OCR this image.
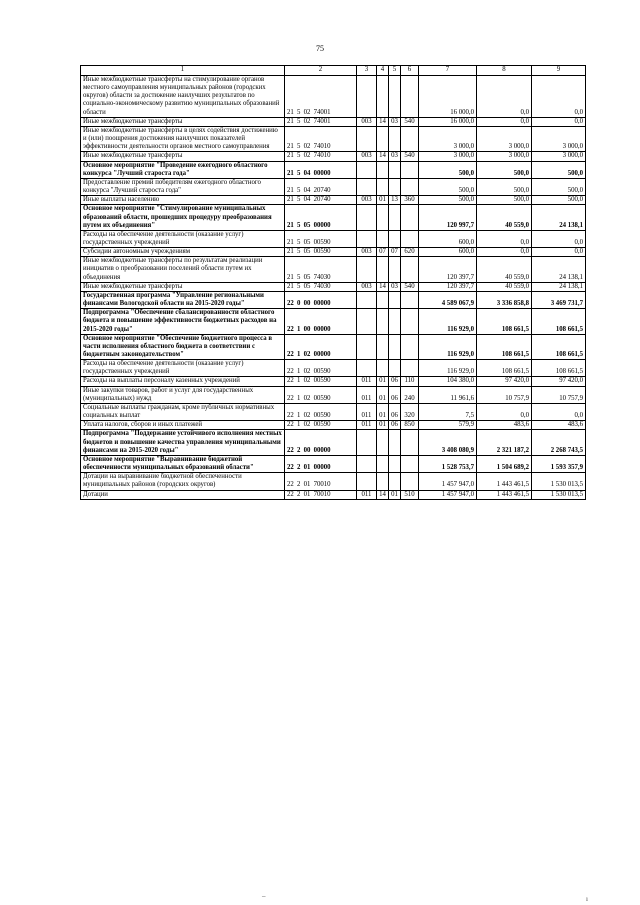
75
1	2	3	4	5	6	7	8	9
Иные межбюджетные трансферты на стимулирование органов местного самоуправления муниципальных районов (городских округов) области за достижение наилучших результатов по социально-экономическому развитию муниципальных образований области	21 5 02 74001					16 000,0	0,0	0,0
Иные межбюджетные трансферты	21 5 02 74001	003	14	03	540	16 000,0	0,0	0,0
Иные межбюджетные трансферты в целях содействия достижению и (или) поощрения достижения наилучших показателей эффективности деятельности органов местного самоуправления	21 5 02 74010					3 000,0	3 000,0	3 000,0
Иные межбюджетные трансферты	21 5 02 74010	003	14	03	540	3 000,0	3 000,0	3 000,0
Основное мероприятие "Проведение ежегодного областного конкурса "Лучший староста года"	21 5 04 00000					500,0	500,0	500,0
Предоставление премий победителям ежегодного областного конкурса "Лучший староста года"	21 5 04 20740					500,0	500,0	500,0
Иные выплаты населению	21 5 04 20740	003	01	13	360	500,0	500,0	500,0
Основное мероприятие "Стимулирование муниципальных образований области, прошедших процедуру преобразования путем их объединения"	21 5 05 00000					120 997,7	40 559,0	24 138,1
Расходы на обеспечение деятельности (оказание услуг) государственных учреждений	21 5 05 00590					600,0	0,0	0,0
Субсидии автономным учреждениям	21 5 05 00590	003	07	07	620	600,0	0,0	0,0
Иные межбюджетные трансферты по результатам реализации инициатив о преобразовании поселений области путем их объединения	21 5 05 74030					120 397,7	40 559,0	24 138,1
Иные межбюджетные трансферты	21 5 05 74030	003	14	03	540	120 397,7	40 559,0	24 138,1
Государственная программа "Управление региональными финансами Вологодской области на 2015-2020 годы"	22 0 00 00000					4 589 067,9	3 336 858,8	3 469 731,7
Подпрограмма "Обеспечение сбалансированности областного бюджета и повышение эффективности бюджетных расходов на 2015-2020 годы"	22 1 00 00000					116 929,0	108 661,5	108 661,5
Основное мероприятие "Обеспечение бюджетного процесса в части исполнения областного бюджета в соответствии с бюджетным законодательством"	22 1 02 00000					116 929,0	108 661,5	108 661,5
Расходы на обеспечение деятельности (оказание услуг) государственных учреждений	22 1 02 00590					116 929,0	108 661,5	108 661,5
Расходы на выплаты персоналу казенных учреждений	22 1 02 00590	011	01	06	110	104 380,0	97 420,0	97 420,0
Иные закупки товаров, работ и услуг для государственных (муниципальных) нужд	22 1 02 00590	011	01	06	240	11 961,6	10 757,9	10 757,9
Социальные выплаты гражданам, кроме публичных нормативных социальных выплат	22 1 02 00590	011	01	06	320	7,5	0,0	0,0
Уплата налогов, сборов и иных платежей	22 1 02 00590	011	01	06	850	579,9	483,6	483,6
Подпрограмма "Поддержание устойчивого исполнения местных бюджетов и повышение качества управления муниципальными финансами на 2015-2020 годы"	22 2 00 00000					3 408 080,9	2 321 187,2	2 268 743,5
Основное мероприятие "Выравнивание бюджетной обеспеченности муниципальных образований области"	22 2 01 00000					1 528 753,7	1 504 689,2	1 593 357,9
Дотации на выравнивание бюджетной обеспеченности муниципальных районов (городских округов)	22 2 01 70010					1 457 947,0	1 443 461,5	1 530 013,5
Дотации	22 2 01 70010	011	14	01	510	1 457 947,0	1 443 461,5	1 530 013,5
–	ı
